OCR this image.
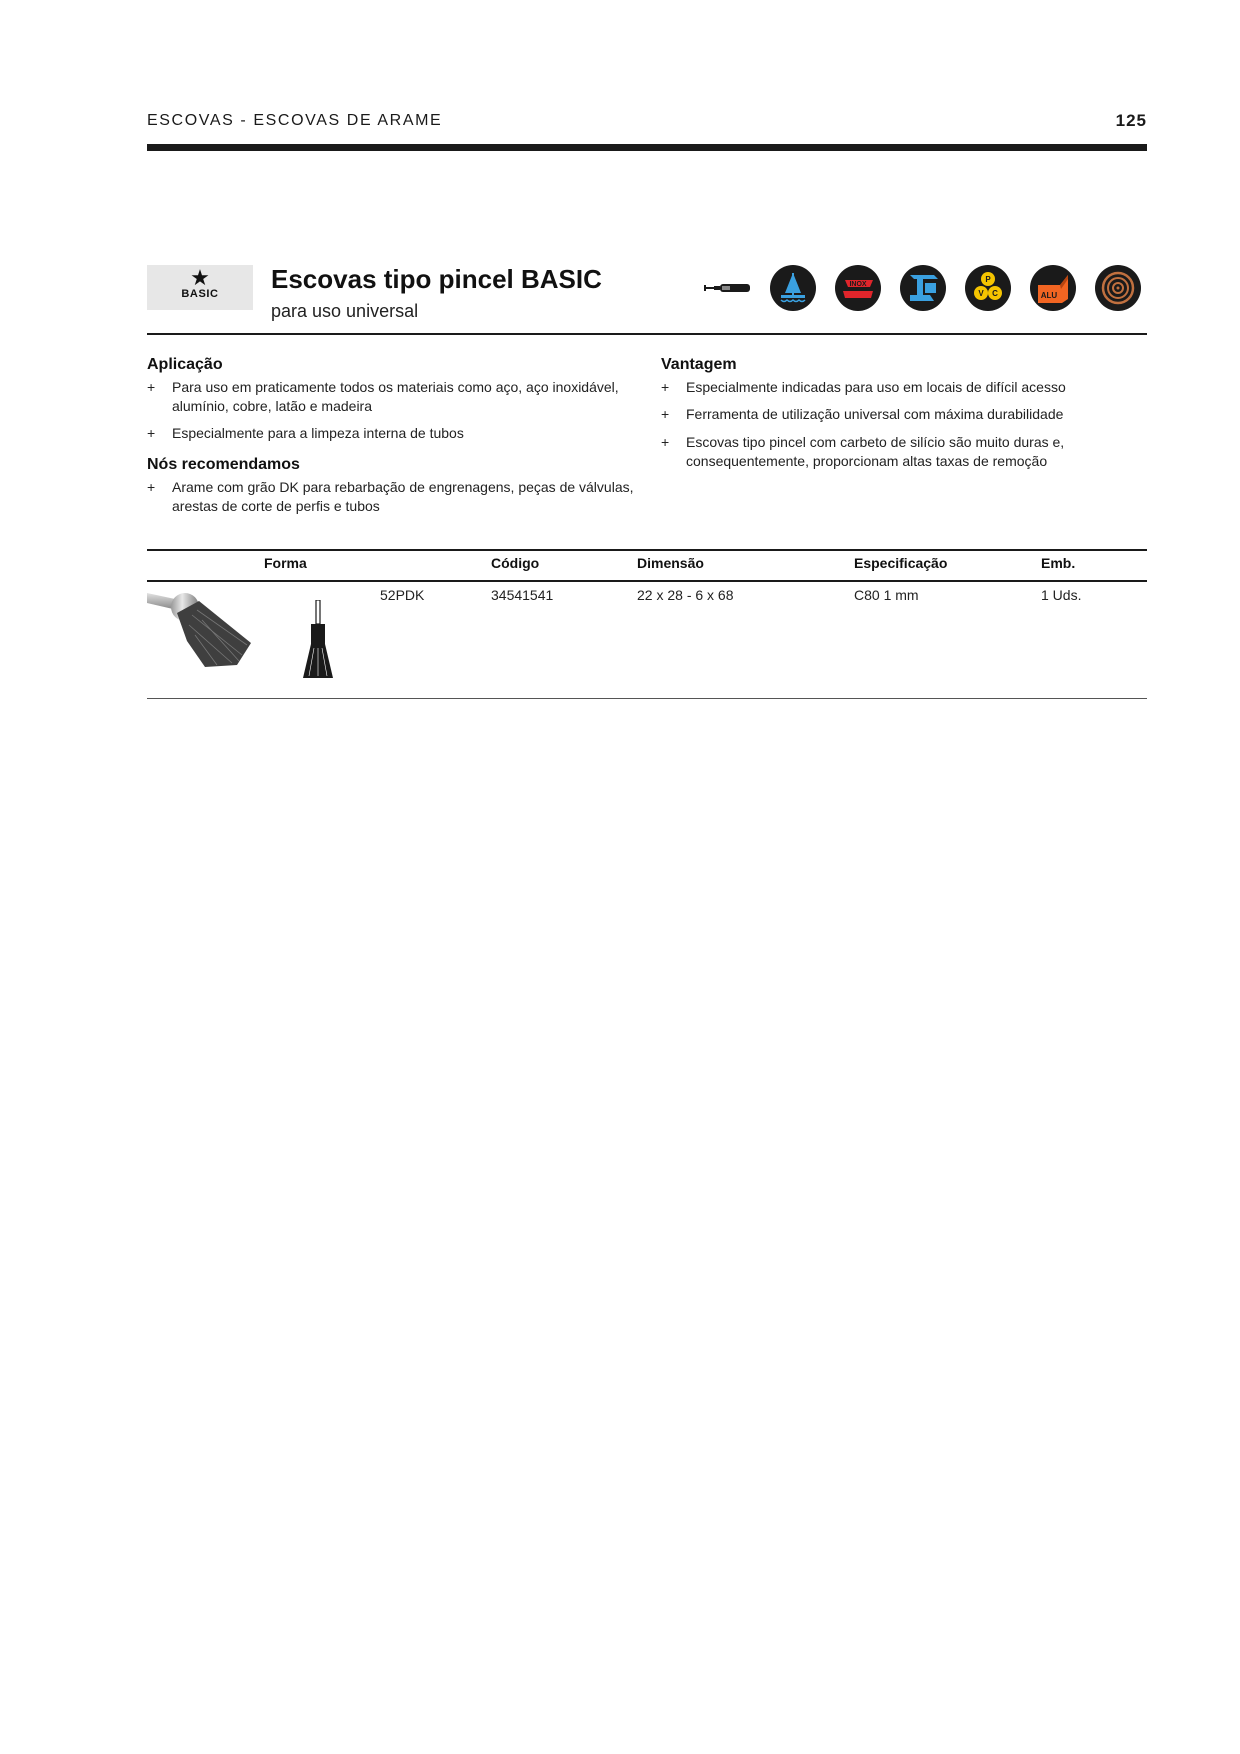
ESCOVAS - ESCOVAS DE ARAME	125
★
BASIC	Escovas tipo pincel BASIC
para uso universal
INOX
P
V C	ALU
Aplicação
+ Para uso em praticamente todos os materiais como aço, aço inoxidável, alumínio, cobre, latão e madeira
+ Especialmente para a limpeza interna de tubos
Nós recomendamos
+ Arame com grão DK para rebarbação de engrenagens, peças de válvulas, arestas de corte de perfis e tubos
Vantagem
+ Especialmente indicadas para uso em locais de difícil acesso
+ Ferramenta de utilização universal com máxima durabilidade
+ Escovas tipo pincel com carbeto de silício são muito duras e, consequentemente, proporcionam altas taxas de remoção
Forma	Código	Dimensão	Especificação	Emb.
52PDK	34541541	22 x 28 - 6 x 68	C80 1 mm	1 Uds.
